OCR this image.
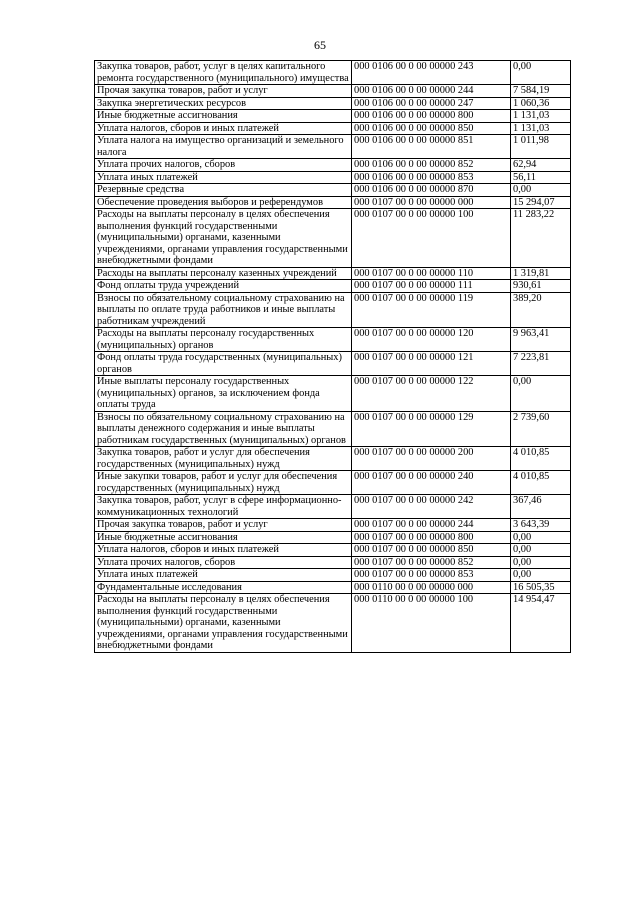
65
Закупка товаров, работ, услуг в целях капитального ремонта государственного (муниципального) имущества	000 0106 00 0 00 00000 243	0,00
Прочая закупка товаров, работ и услуг	000 0106 00 0 00 00000 244	7 584,19
Закупка энергетических ресурсов	000 0106 00 0 00 00000 247	1 060,36
Иные бюджетные ассигнования	000 0106 00 0 00 00000 800	1 131,03
Уплата налогов, сборов и иных платежей	000 0106 00 0 00 00000 850	1 131,03
Уплата налога на имущество организаций и земельного налога	000 0106 00 0 00 00000 851	1 011,98
Уплата прочих налогов, сборов	000 0106 00 0 00 00000 852	62,94
Уплата иных платежей	000 0106 00 0 00 00000 853	56,11
Резервные средства	000 0106 00 0 00 00000 870	0,00
Обеспечение проведения выборов и референдумов	000 0107 00 0 00 00000 000	15 294,07
Расходы на выплаты персоналу в целях обеспечения выполнения функций государственными (муниципальными) органами, казенными учреждениями, органами управления государственными внебюджетными фондами	000 0107 00 0 00 00000 100	11 283,22
Расходы на выплаты персоналу казенных учреждений	000 0107 00 0 00 00000 110	1 319,81
Фонд оплаты труда учреждений	000 0107 00 0 00 00000 111	930,61
Взносы по обязательному социальному страхованию на выплаты по оплате труда работников и иные выплаты работникам учреждений	000 0107 00 0 00 00000 119	389,20
Расходы на выплаты персоналу государственных (муниципальных) органов	000 0107 00 0 00 00000 120	9 963,41
Фонд оплаты труда государственных (муниципальных) органов	000 0107 00 0 00 00000 121	7 223,81
Иные выплаты персоналу государственных (муниципальных) органов, за исключением фонда оплаты труда	000 0107 00 0 00 00000 122	0,00
Взносы по обязательному социальному страхованию на выплаты денежного содержания и иные выплаты работникам государственных (муниципальных) органов	000 0107 00 0 00 00000 129	2 739,60
Закупка товаров, работ и услуг для обеспечения государственных (муниципальных) нужд	000 0107 00 0 00 00000 200	4 010,85
Иные закупки товаров, работ и услуг для обеспечения государственных (муниципальных) нужд	000 0107 00 0 00 00000 240	4 010,85
Закупка товаров, работ, услуг в сфере информационно-коммуникационных технологий	000 0107 00 0 00 00000 242	367,46
Прочая закупка товаров, работ и услуг	000 0107 00 0 00 00000 244	3 643,39
Иные бюджетные ассигнования	000 0107 00 0 00 00000 800	0,00
Уплата налогов, сборов и иных платежей	000 0107 00 0 00 00000 850	0,00
Уплата прочих налогов, сборов	000 0107 00 0 00 00000 852	0,00
Уплата иных платежей	000 0107 00 0 00 00000 853	0,00
Фундаментальные исследования	000 0110 00 0 00 00000 000	16 505,35
Расходы на выплаты персоналу в целях обеспечения выполнения функций государственными (муниципальными) органами, казенными учреждениями, органами управления государственными внебюджетными фондами	000 0110 00 0 00 00000 100	14 954,47
